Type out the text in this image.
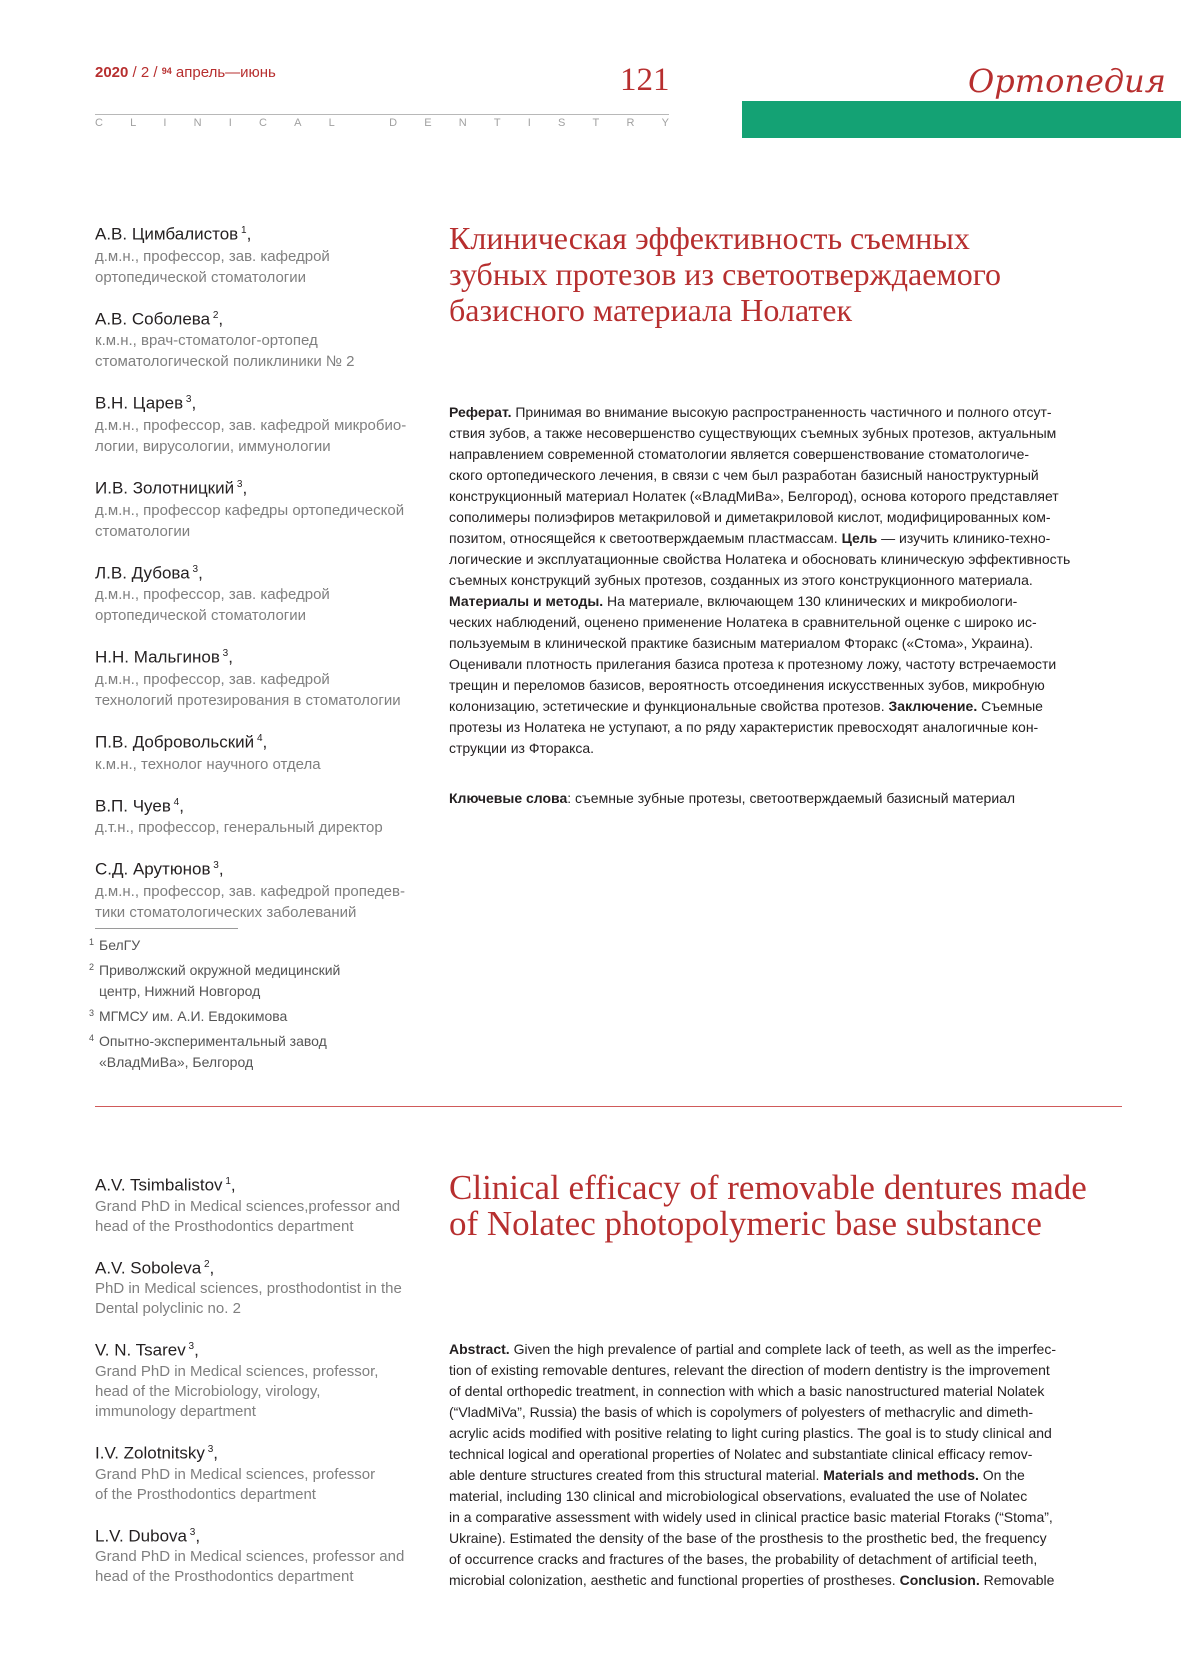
2020 / 2 / $^{94}$ апрель—июнь	121
C L I N I C A L	D E N T I S T R Y
Ортопедия
А.В. Цимбалистов $^1$,
д.м.н., профессор, зав. кафедрой
ортопедической стоматологии
А.В. Соболева $^2$,
к.м.н., врач-стоматолог-ортопед
стоматологической поликлиники № 2
В.Н. Царев $^3$,
д.м.н., профессор, зав. кафедрой микробио-
логии, вирусологии, иммунологии
И.В. Золотницкий $^3$,
д.м.н., профессор кафедры ортопедической
стоматологии
Л.В. Дубова $^3$,
д.м.н., профессор, зав. кафедрой
ортопедической стоматологии
Н.Н. Мальгинов $^3$,
д.м.н., профессор, зав. кафедрой
технологий протезирования в стоматологии
П.В. Добровольский $^4$,
к.м.н., технолог научного отдела
В.П. Чуев $^4$,
д.т.н., профессор, генеральный директор
С.Д. Арутюнов $^3$,
д.м.н., профессор, зав. кафедрой пропедев-
тики стоматологических заболеваний
Клиническая эффективность съемных
зубных протезов из светоотверждаемого
базисного материала Нолатек
Реферат. Принимая во внимание высокую распространенность частичного и полного отсут-
ствия зубов, а также несовершенство существующих съемных зубных протезов, актуальным
направлением современной стоматологии является совершенствование стоматологиче-
ского ортопедического лечения, в связи с чем был разработан базисный наноструктурный
конструкционный материал Нолатек («ВладМиВа», Белгород), основа которого представляет
сополимеры полиэфиров метакриловой и диметакриловой кислот, модифицированных ком-
позитом, относящейся к светоотверждаемым пластмассам. Цель — изучить клинико-техно-
логические и эксплуатационные свойства Нолатека и обосновать клиническую эффективность
съемных конструкций зубных протезов, созданных из этого конструкционного материала.
Материалы и методы. На материале, включающем 130 клинических и микробиологи-
ческих наблюдений, оценено применение Нолатека в сравнительной оценке с широко ис-
пользуемым в клинической практике базисным материалом Фторакс («Стома», Украина).
Оценивали плотность прилегания базиса протеза к протезному ложу, частоту встречаемости
трещин и переломов базисов, вероятность отсоединения искусственных зубов, микробную
колонизацию, эстетические и функциональные свойства протезов. Заключение. Съемные
протезы из Нолатека не уступают, а по ряду характеристик превосходят аналогичные кон-
струкции из Фторакса.
Ключевые слова: съемные зубные протезы, светоотверждаемый базисный материал
1 БелГУ
2 Приволжский окружной медицинский
центр, Нижний Новгород
3 МГМСУ им. А.И. Евдокимова
4 Опытно-экспериментальный завод
«ВладМиВа», Белгород
A.V. Tsimbalistov $^1$,
Grand PhD in Medical sciences,professor and
head of the Prosthodontics department
A.V. Soboleva $^2$,
PhD in Medical sciences, prosthodontist in the
Dental polyclinic no. 2
V. N. Tsarev $^3$,
Grand PhD in Medical sciences, professor,
head of the Microbiology, virology,
immunology department
I.V. Zolotnitsky $^3$,
Grand PhD in Medical sciences, professor
of the Prosthodontics department
L.V. Dubova $^3$,
Grand PhD in Medical sciences, professor and
head of the Prosthodontics department
Clinical efficacy of removable dentures made
of Nolatec photopolymeric base substance
Abstract. Given the high prevalence of partial and complete lack of teeth, as well as the imperfec-
tion of existing removable dentures, relevant the direction of modern dentistry is the improvement
of dental orthopedic treatment, in connection with which a basic nanostructured material Nolatek
(“VladMiVa”, Russia) the basis of which is copolymers of polyesters of methacrylic and dimeth-
acrylic acids modified with positive relating to light curing plastics. The goal is to study clinical and
technical logical and operational properties of Nolatec and substantiate clinical efficacy remov-
able denture structures created from this structural material. Materials and methods. On the
material, including 130 clinical and microbiological observations, evaluated the use of Nolatec
in a comparative assessment with widely used in clinical practice basic material Ftoraks (“Stoma”,
Ukraine). Estimated the density of the base of the prosthesis to the prosthetic bed, the frequency
of occurrence cracks and fractures of the bases, the probability of detachment of artificial teeth,
microbial colonization, aesthetic and functional properties of prostheses. Conclusion. Removable
